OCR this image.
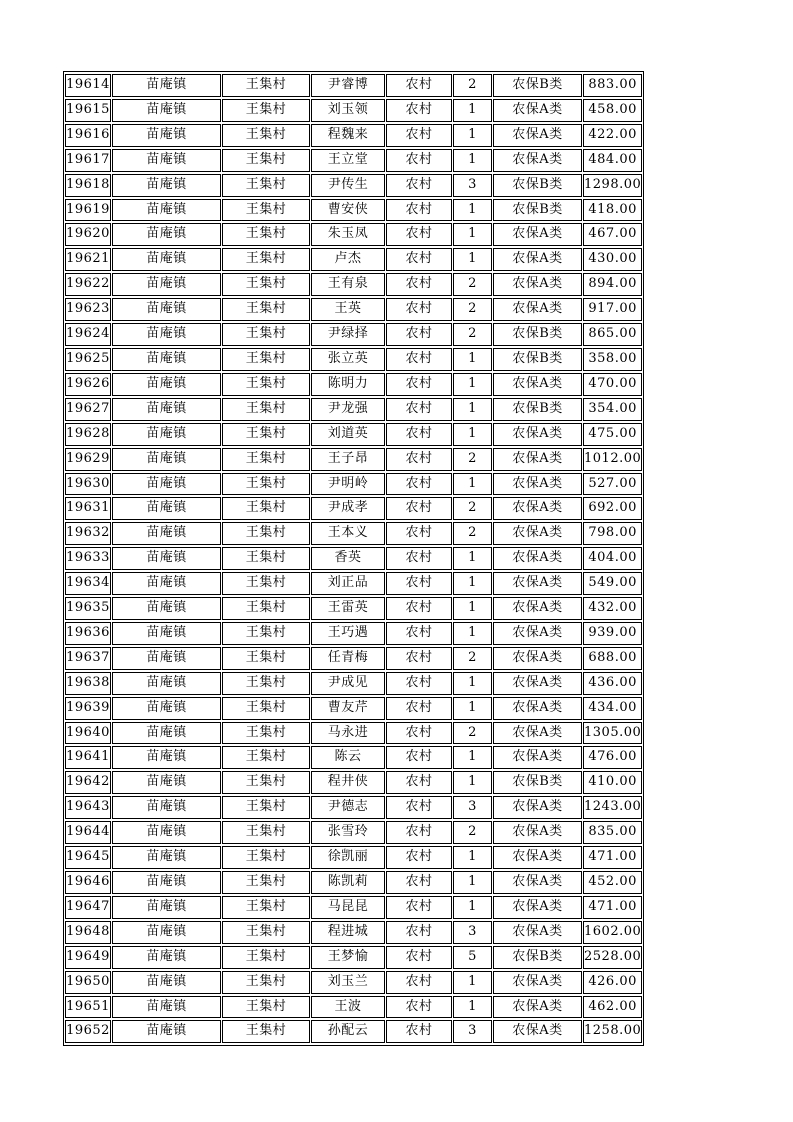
19614	苗庵镇	王集村	尹睿博	农村	2	农保B类	883.00
19615	苗庵镇	王集村	刘玉领	农村	1	农保A类	458.00
19616	苗庵镇	王集村	程魏来	农村	1	农保A类	422.00
19617	苗庵镇	王集村	王立堂	农村	1	农保A类	484.00
19618	苗庵镇	王集村	尹传生	农村	3	农保B类	1298.00
19619	苗庵镇	王集村	曹安侠	农村	1	农保B类	418.00
19620	苗庵镇	王集村	朱玉凤	农村	1	农保A类	467.00
19621	苗庵镇	王集村	卢杰	农村	1	农保A类	430.00
19622	苗庵镇	王集村	王有泉	农村	2	农保A类	894.00
19623	苗庵镇	王集村	王英	农村	2	农保A类	917.00
19624	苗庵镇	王集村	尹绿择	农村	2	农保B类	865.00
19625	苗庵镇	王集村	张立英	农村	1	农保B类	358.00
19626	苗庵镇	王集村	陈明力	农村	1	农保A类	470.00
19627	苗庵镇	王集村	尹龙强	农村	1	农保B类	354.00
19628	苗庵镇	王集村	刘道英	农村	1	农保A类	475.00
19629	苗庵镇	王集村	王子昂	农村	2	农保A类	1012.00
19630	苗庵镇	王集村	尹明岭	农村	1	农保A类	527.00
19631	苗庵镇	王集村	尹成孝	农村	2	农保A类	692.00
19632	苗庵镇	王集村	王本义	农村	2	农保A类	798.00
19633	苗庵镇	王集村	香英	农村	1	农保A类	404.00
19634	苗庵镇	王集村	刘正品	农村	1	农保A类	549.00
19635	苗庵镇	王集村	王雷英	农村	1	农保A类	432.00
19636	苗庵镇	王集村	王巧遇	农村	1	农保A类	939.00
19637	苗庵镇	王集村	任青梅	农村	2	农保A类	688.00
19638	苗庵镇	王集村	尹成见	农村	1	农保A类	436.00
19639	苗庵镇	王集村	曹友芹	农村	1	农保A类	434.00
19640	苗庵镇	王集村	马永进	农村	2	农保A类	1305.00
19641	苗庵镇	王集村	陈云	农村	1	农保A类	476.00
19642	苗庵镇	王集村	程井侠	农村	1	农保B类	410.00
19643	苗庵镇	王集村	尹德志	农村	3	农保A类	1243.00
19644	苗庵镇	王集村	张雪玲	农村	2	农保A类	835.00
19645	苗庵镇	王集村	徐凯丽	农村	1	农保A类	471.00
19646	苗庵镇	王集村	陈凯莉	农村	1	农保A类	452.00
19647	苗庵镇	王集村	马昆昆	农村	1	农保A类	471.00
19648	苗庵镇	王集村	程进城	农村	3	农保A类	1602.00
19649	苗庵镇	王集村	王梦愉	农村	5	农保B类	2528.00
19650	苗庵镇	王集村	刘玉兰	农村	1	农保A类	426.00
19651	苗庵镇	王集村	王波	农村	1	农保A类	462.00
19652	苗庵镇	王集村	孙配云	农村	3	农保A类	1258.00
